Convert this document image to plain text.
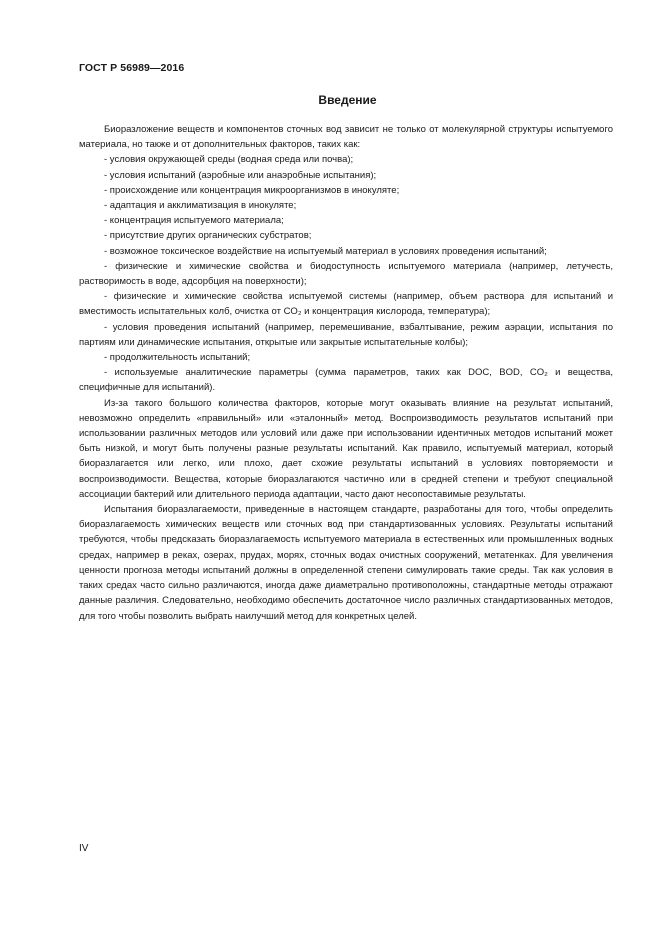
ГОСТ Р 56989—2016
Введение

Биоразложение веществ и компонентов сточных вод зависит не только от молекулярной структуры испытуемого материала, но также и от дополнительных факторов, таких как:

- условия окружающей среды (водная среда или почва);

- условия испытаний (аэробные или анаэробные испытания);

- происхождение или концентрация микроорганизмов в инокуляте;

- адаптация и акклиматизация в инокуляте;

- концентрация испытуемого материала;

- присутствие других органических субстратов;

- возможное токсическое воздействие на испытуемый материал в условиях проведения испытаний;

- физические и химические свойства и биодоступность испытуемого материала (например, летучесть, растворимость в воде, адсорбция на поверхности);

- физические и химические свойства испытуемой системы (например, объем раствора для испытаний и вместимость испытательных колб, очистка от CO₂ и концентрация кислорода, температура);

- условия проведения испытаний (например, перемешивание, взбалтывание, режим аэрации, испытания по партиям или динамические испытания, открытые или закрытые испытательные колбы);

- продолжительность испытаний;

- используемые аналитические параметры (сумма параметров, таких как DOC, BOD, CO₂ и вещества, специфичные для испытаний).

Из-за такого большого количества факторов, которые могут оказывать влияние на результат испытаний, невозможно определить «правильный» или «эталонный» метод. Воспроизводимость результатов испытаний при использовании различных методов или условий или даже при использовании идентичных методов испытаний может быть низкой, и могут быть получены разные результаты испытаний. Как правило, испытуемый материал, который биоразлагается или легко, или плохо, дает схожие результаты испытаний в условиях повторяемости и воспроизводимости. Вещества, которые биоразлагаются частично или в средней степени и требуют специальной ассоциации бактерий или длительного периода адаптации, часто дают несопоставимые результаты.

Испытания биоразлагаемости, приведенные в настоящем стандарте, разработаны для того, чтобы определить биоразлагаемость химических веществ или сточных вод при стандартизованных условиях. Результаты испытаний требуются, чтобы предсказать биоразлагаемость испытуемого материала в естественных или промышленных водных средах, например в реках, озерах, прудах, морях, сточных водах очистных сооружений, метатенках. Для увеличения ценности прогноза методы испытаний должны в определенной степени симулировать такие среды. Так как условия в таких средах часто сильно различаются, иногда даже диаметрально противоположны, стандартные методы отражают данные различия. Следовательно, необходимо обеспечить достаточное число различных стандартизованных методов, для того чтобы позволить выбрать наилучший метод для конкретных целей.

IV
